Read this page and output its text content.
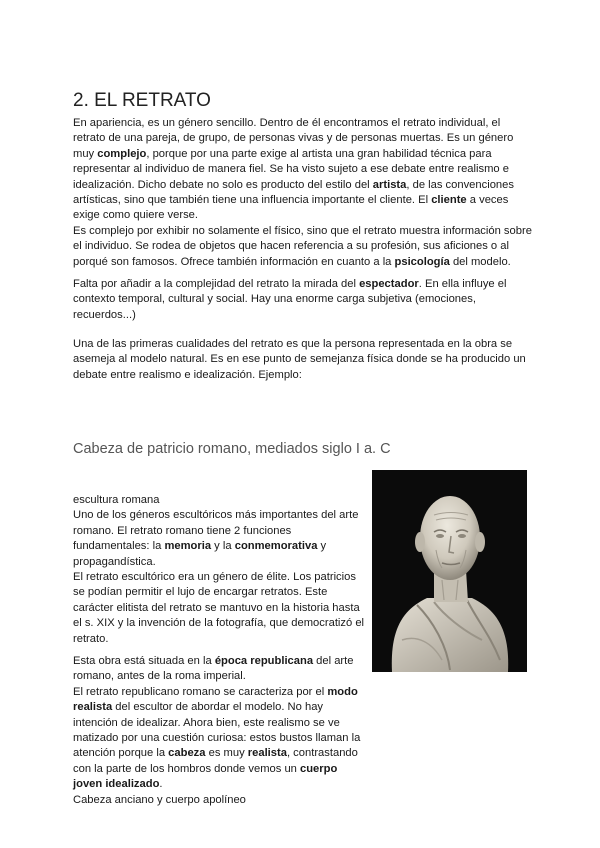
2. EL RETRATO

En apariencia, es un género sencillo. Dentro de él encontramos el retrato individual, el retrato de una pareja, de grupo, de personas vivas y de personas muertas. Es un género muy complejo, porque por una parte exige al artista una gran habilidad técnica para representar al individuo de manera fiel. Se ha visto sujeto a ese debate entre realismo e idealización. Dicho debate no solo es producto del estilo del artista, de las convenciones artísticas, sino que también tiene una influencia importante el cliente. El cliente a veces exige como quiere verse.
Es complejo por exhibir no solamente el físico, sino que el retrato muestra información sobre el individuo. Se rodea de objetos que hacen referencia a su profesión, sus aficiones o al porqué son famosos. Ofrece también información en cuanto a la psicología del modelo.

Falta por añadir a la complejidad del retrato la mirada del espectador. En ella influye el contexto temporal, cultural y social. Hay una enorme carga subjetiva (emociones, recuerdos...)

Una de las primeras cualidades del retrato es que la persona representada en la obra se asemeja al modelo natural. Es en ese punto de semejanza física donde se ha producido un debate entre realismo e idealización. Ejemplo:

Cabeza de patricio romano, mediados siglo I a. C

escultura romana
Uno de los géneros escultóricos más importantes del arte romano. El retrato romano tiene 2 funciones fundamentales: la memoria y la conmemorativa y propagandística.
El retrato escultórico era un género de élite. Los patricios se podían permitir el lujo de encargar retratos. Este carácter elitista del retrato se mantuvo en la historia hasta el s. XIX y la invención de la fotografía, que democratizó el retrato.

Esta obra está situada en la época republicana del arte romano, antes de la roma imperial.
El retrato republicano romano se caracteriza por el modo realista del escultor de abordar el modelo. No hay intención de idealizar. Ahora bien, este realismo se ve matizado por una cuestión curiosa: estos bustos llaman la atención porque la cabeza es muy realista, contrastando con la parte de los hombros donde vemos un cuerpo joven idealizado.
Cabeza anciano y cuerpo apolíneo
